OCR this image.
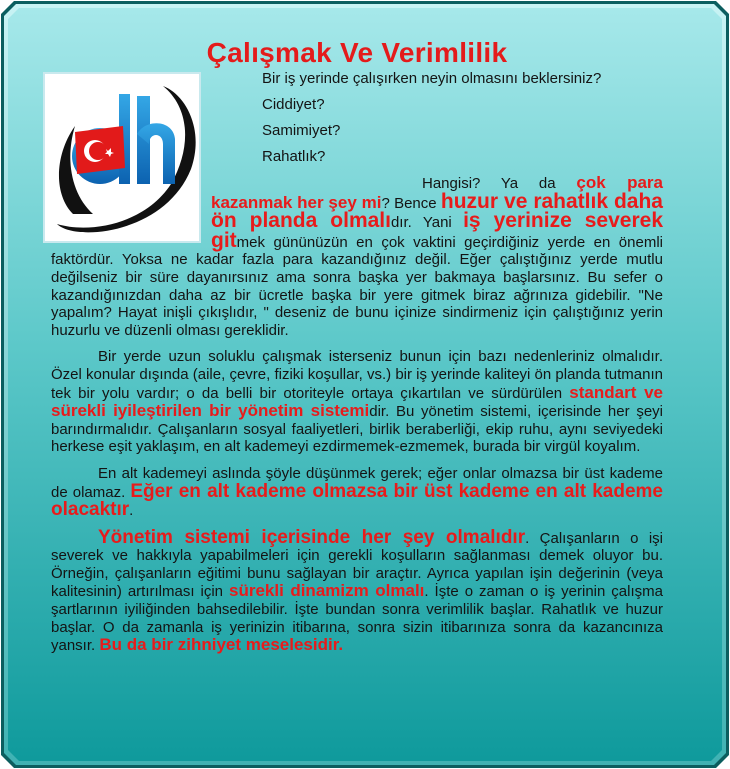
Çalışmak Ve Verimlilik

Bir iş yerinde çalışırken neyin olmasını beklersiniz?

Ciddiyet?

Samimiyet?

Rahatlık?

Hangisi? Ya da çok para kazanmak her şey mi? Bence huzur ve rahatlık daha ön planda olmalıdır. Yani iş yerinize severek gitmek gününüzün en çok vaktini geçirdiğiniz yerde en önemli faktördür. Yoksa ne kadar fazla para kazandığınız değil. Eğer çalıştığınız yerde mutlu değilseniz bir süre dayanırsınız ama sonra başka yer bakmaya başlarsınız. Bu sefer o kazandığınızdan daha az bir ücretle başka bir yere gitmek biraz ağrınıza gidebilir. "Ne yapalım? Hayat inişli çıkışlıdır, " deseniz de bunu içinize sindirmeniz için çalıştığınız yerin huzurlu ve düzenli olması gereklidir.

Bir yerde uzun soluklu çalışmak isterseniz bunun için bazı nedenleriniz olmalıdır. Özel konular dışında (aile, çevre, fiziki koşullar, vs.) bir iş yerinde kaliteyi ön planda tutmanın tek bir yolu vardır; o da belli bir otoriteyle ortaya çıkartılan ve sürdürülen standart ve sürekli iyileştirilen bir yönetim sistemidir. Bu yönetim sistemi, içerisinde her şeyi barındırmalıdır. Çalışanların sosyal faaliyetleri, birlik beraberliği, ekip ruhu, aynı seviyedeki herkese eşit yaklaşım, en alt kademeyi ezdirmemek-ezmemek, burada bir virgül koyalım.

En alt kademeyi aslında şöyle düşünmek gerek; eğer onlar olmazsa bir üst kademe de olamaz. Eğer en alt kademe olmazsa bir üst kademe en alt kademe olacaktır.

Yönetim sistemi içerisinde her şey olmalıdır. Çalışanların o işi severek ve hakkıyla yapabilmeleri için gerekli koşulların sağlanması demek oluyor bu. Örneğin, çalışanların eğitimi bunu sağlayan bir araçtır. Ayrıca yapılan işin değerinin (veya kalitesinin) artırılması için sürekli dinamizm olmalı. İşte o zaman o iş yerinin çalışma şartlarının iyiliğinden bahsedilebilir. İşte bundan sonra verimlilik başlar. Rahatlık ve huzur başlar. O da zamanla iş yerinizin itibarına, sonra sizin itibarınıza sonra da kazancınıza yansır. Bu da bir zihniyet meselesidir.
